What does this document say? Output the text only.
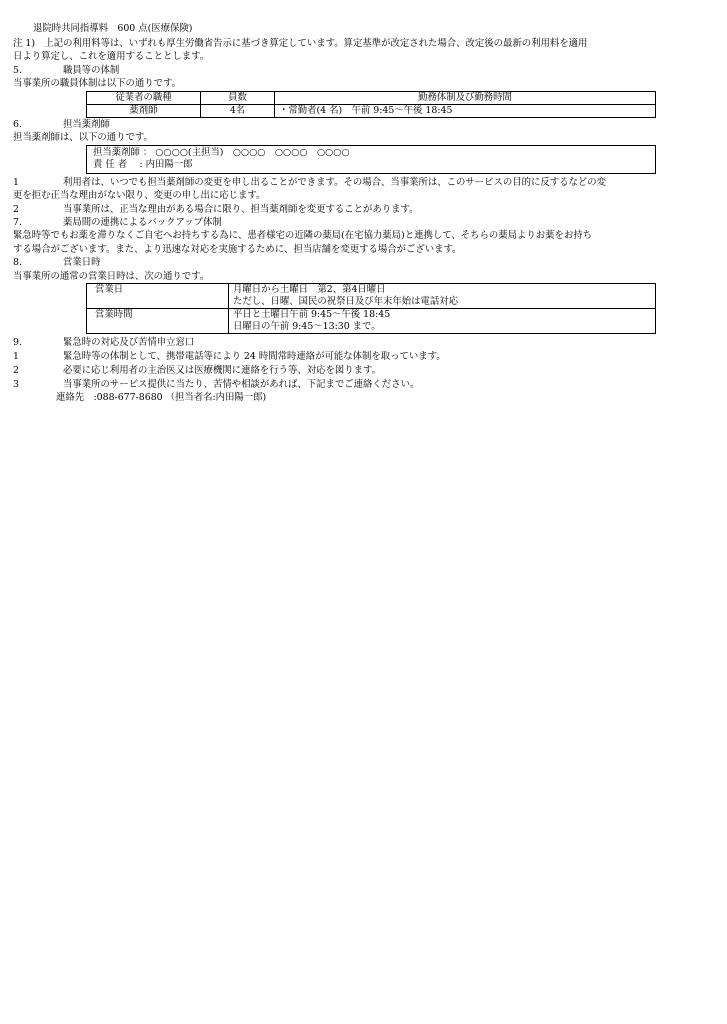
退院時共同指導料　600 点(医療保険)
注 1)　上記の利用料等は、いずれも厚生労働省告示に基づき算定しています。算定基準が改定された場合、改定後の最新の利用料を適用
日より算定し、これを適用することとします。
5.	職員等の体制
当事業所の職員体制は以下の通りです。
従業者の職種	員数	勤務体制及び勤務時間
薬剤師	4名	・常勤者(4 名)　午前 9:45～午後 18:45
6.	担当薬剤師
担当薬剤師は、以下の通りです。
担当薬剤師 ： ○○○○(主担当)　○○○○　○○○○　○○○○
責 任 者　 : 内田陽一郎
1	利用者は、いつでも担当薬剤師の変更を申し出ることができます。その場合、当事業所は、このサービスの目的に反するなどの変
更を拒む正当な理由がない限り、変更の申し出に応じます。
2	当事業所は、正当な理由がある場合に限り、担当薬剤師を変更することがあります。
7.	薬局間の連携によるバックアップ体制
緊急時等でもお薬を滞りなくご自宅へお持ちする為に、患者様宅の近隣の薬局(在宅協力薬局)と連携して、そちらの薬局よりお薬をお持ち
する場合がございます。また、より迅速な対応を実施するために、担当店舗を変更する場合がございます。
8.	営業日時
当事業所の通常の営業日時は、次の通りです。
営業日	月曜日から土曜日　第2、第4日曜日
ただし、日曜、国民の祝祭日及び年末年始は電話対応

営業時間	平日と土曜日午前 9:45～午後 18:45
日曜日の午前 9:45～13:30 まで。
9.	緊急時の対応及び苦情申立窓口
1	緊急時等の体制として、携帯電話等により 24 時間常時連絡が可能な体制を取っています。
2	必要に応じ利用者の主治医又は医療機関に連絡を行う等、対応を図ります。
3	当事業所のサービス提供に当たり、苦情や相談があれば、下記までご連絡ください。
連絡先　:088-677-8680 （担当者名:内田陽一郎)
